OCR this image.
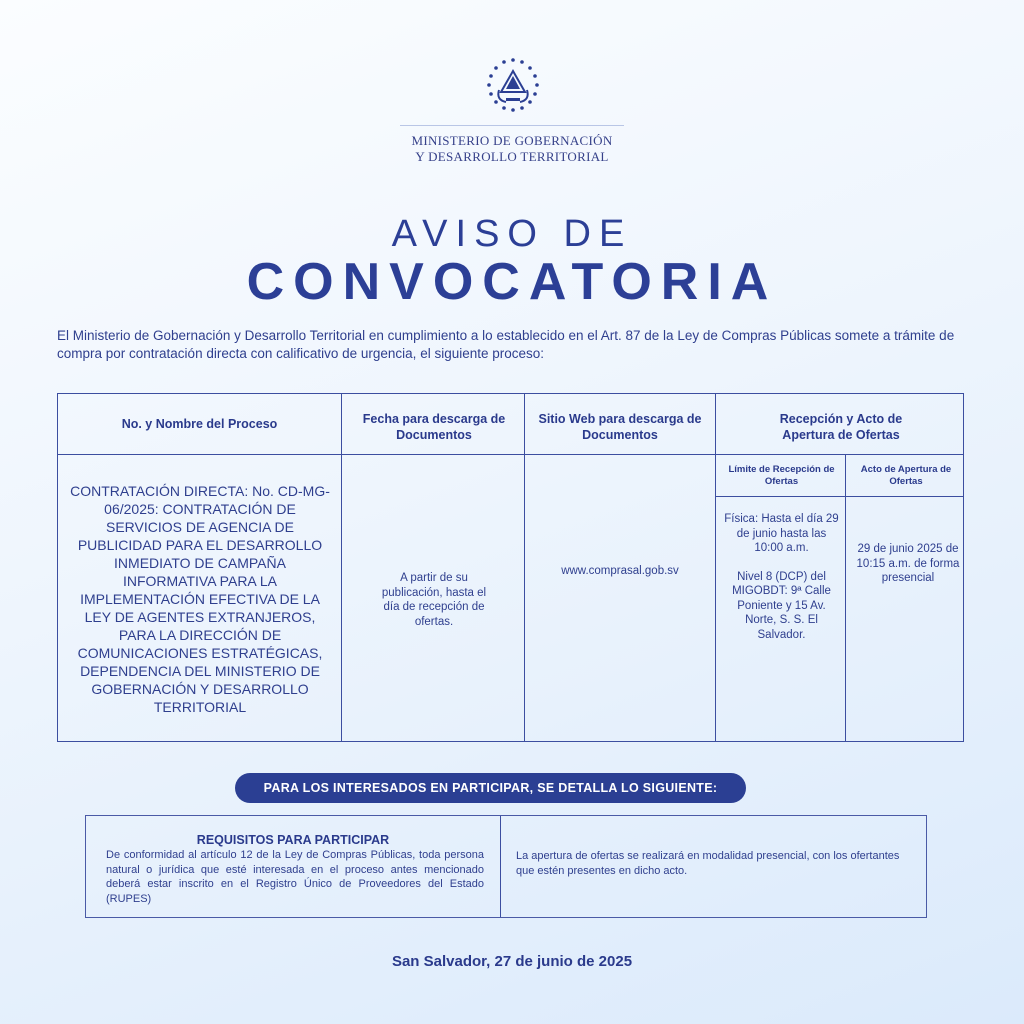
MINISTERIO DE GOBERNACIÓN
Y DESARROLLO TERRITORIAL
AVISO DE
CONVOCATORIA
El Ministerio de Gobernación y Desarrollo Territorial en cumplimiento a lo establecido en el Art. 87 de la Ley de Compras Públicas somete a trámite de compra por contratación directa con calificativo de urgencia, el siguiente proceso:
No. y Nombre del Proceso	Fecha para descarga de Documentos
Sitio Web para descarga de Documentos
Recepción y Acto de Apertura de Ofertas
Límite de Recepción de Ofertas
Acto de Apertura de Ofertas
CONTRATACIÓN DIRECTA: No. CD-MG-06/2025: CONTRATACIÓN DE SERVICIOS DE AGENCIA DE PUBLICIDAD PARA EL DESARROLLO INMEDIATO DE CAMPAÑA INFORMATIVA PARA LA IMPLEMENTACIÓN EFECTIVA DE LA LEY DE AGENTES EXTRANJEROS, PARA LA DIRECCIÓN DE COMUNICACIONES ESTRATÉGICAS, DEPENDENCIA DEL MINISTERIO DE GOBERNACIÓN Y DESARROLLO TERRITORIAL
A partir de su publicación, hasta el día de recepción de ofertas.
www.comprasal.gob.sv
Física: Hasta el día 29 de junio hasta las 10:00 a.m.
Nivel 8 (DCP) del MIGOBDT: 9ª Calle Poniente y 15 Av. Norte, S. S. El Salvador.
29 de junio 2025 de 10:15 a.m. de forma presencial
PARA LOS INTERESADOS EN PARTICIPAR, SE DETALLA LO SIGUIENTE:
REQUISITOS PARA PARTICIPAR
De conformidad al artículo 12 de la Ley de Compras Públicas, toda persona natural o jurídica que esté interesada en el proceso antes mencionado deberá estar inscrito en el Registro Único de Proveedores del Estado (RUPES)
La apertura de ofertas se realizará en modalidad presencial, con los ofertantes que estén presentes en dicho acto.
San Salvador, 27 de junio de 2025
